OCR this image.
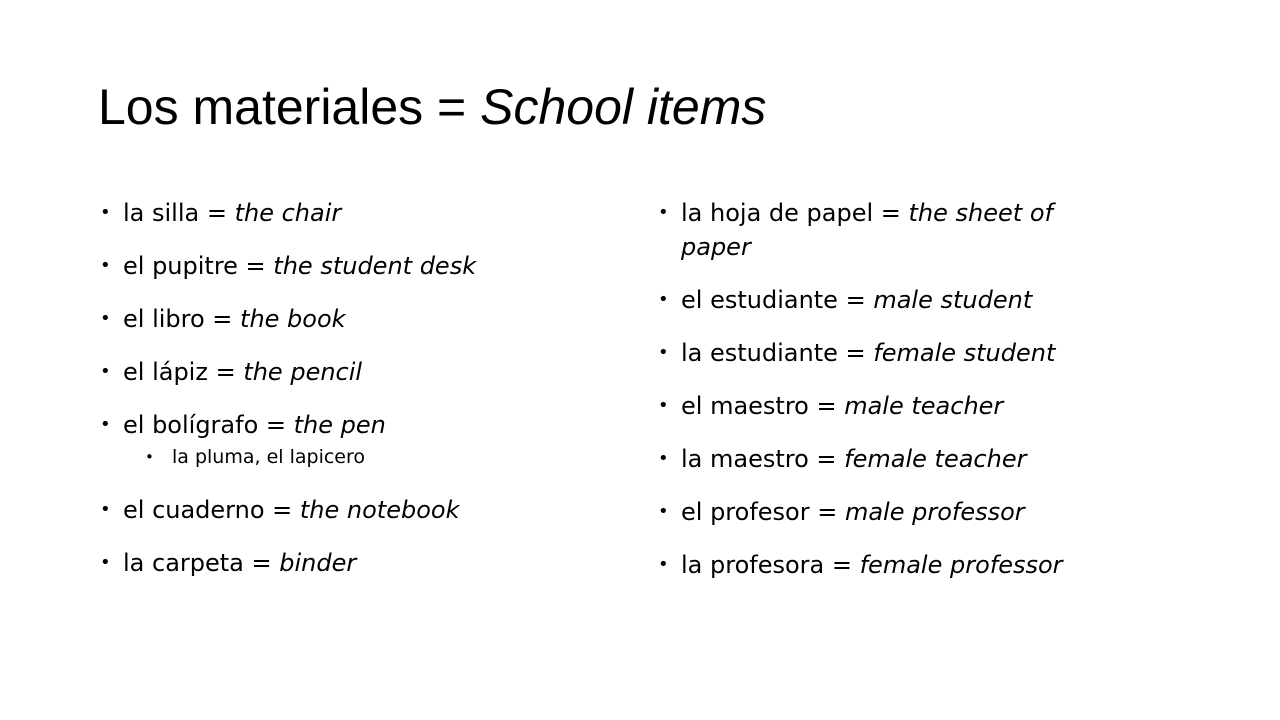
Los materiales = School items
• la silla = the chair
• el pupitre = the student desk
• el libro = the book
• el lápiz = the pencil
• el bolígrafo = the pen
• la pluma, el lapicero
• el cuaderno = the notebook
• la carpeta = binder
• la hoja de papel = the sheet of
paper
• el estudiante = male student
• la estudiante = female student
• el maestro = male teacher
• la maestro = female teacher
• el profesor = male professor
• la profesora = female professor
